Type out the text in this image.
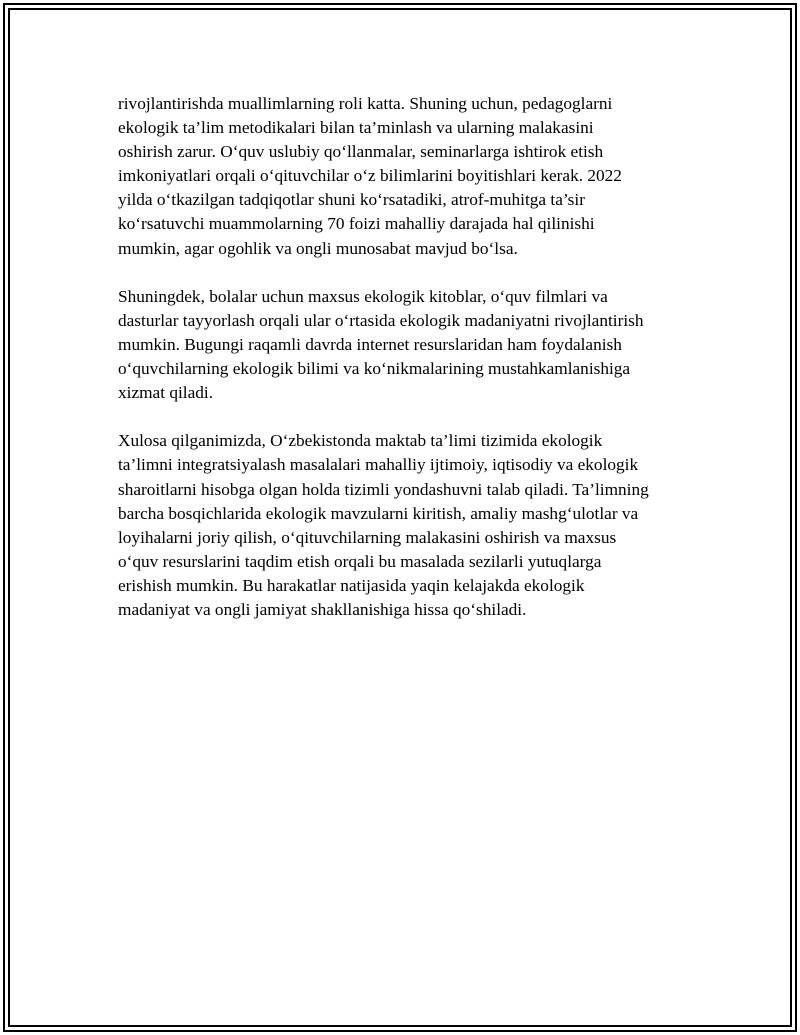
rivojlantirishda muallimlarning roli katta. Shuning uchun, pedagoglarni
ekologik ta’lim metodikalari bilan ta’minlash va ularning malakasini
oshirish zarur. O‘quv uslubiy qo‘llanmalar, seminarlarga ishtirok etish
imkoniyatlari orqali o‘qituvchilar o‘z bilimlarini boyitishlari kerak. 2022
yilda o‘tkazilgan tadqiqotlar shuni ko‘rsatadiki, atrof-muhitga ta’sir
ko‘rsatuvchi muammolarning 70 foizi mahalliy darajada hal qilinishi
mumkin, agar ogohlik va ongli munosabat mavjud bo‘lsa.

Shuningdek, bolalar uchun maxsus ekologik kitoblar, o‘quv filmlari va
dasturlar tayyorlash orqali ular o‘rtasida ekologik madaniyatni rivojlantirish
mumkin. Bugungi raqamli davrda internet resurslaridan ham foydalanish
o‘quvchilarning ekologik bilimi va ko‘nikmalarining mustahkamlanishiga
xizmat qiladi.

Xulosa qilganimizda, O‘zbekistonda maktab ta’limi tizimida ekologik
ta’limni integratsiyalash masalalari mahalliy ijtimoiy, iqtisodiy va ekologik
sharoitlarni hisobga olgan holda tizimli yondashuvni talab qiladi. Ta’limning
barcha bosqichlarida ekologik mavzularni kiritish, amaliy mashg‘ulotlar va
loyihalarni joriy qilish, o‘qituvchilarning malakasini oshirish va maxsus
o‘quv resurslarini taqdim etish orqali bu masalada sezilarli yutuqlarga
erishish mumkin. Bu harakatlar natijasida yaqin kelajakda ekologik
madaniyat va ongli jamiyat shakllanishiga hissa qo‘shiladi.
